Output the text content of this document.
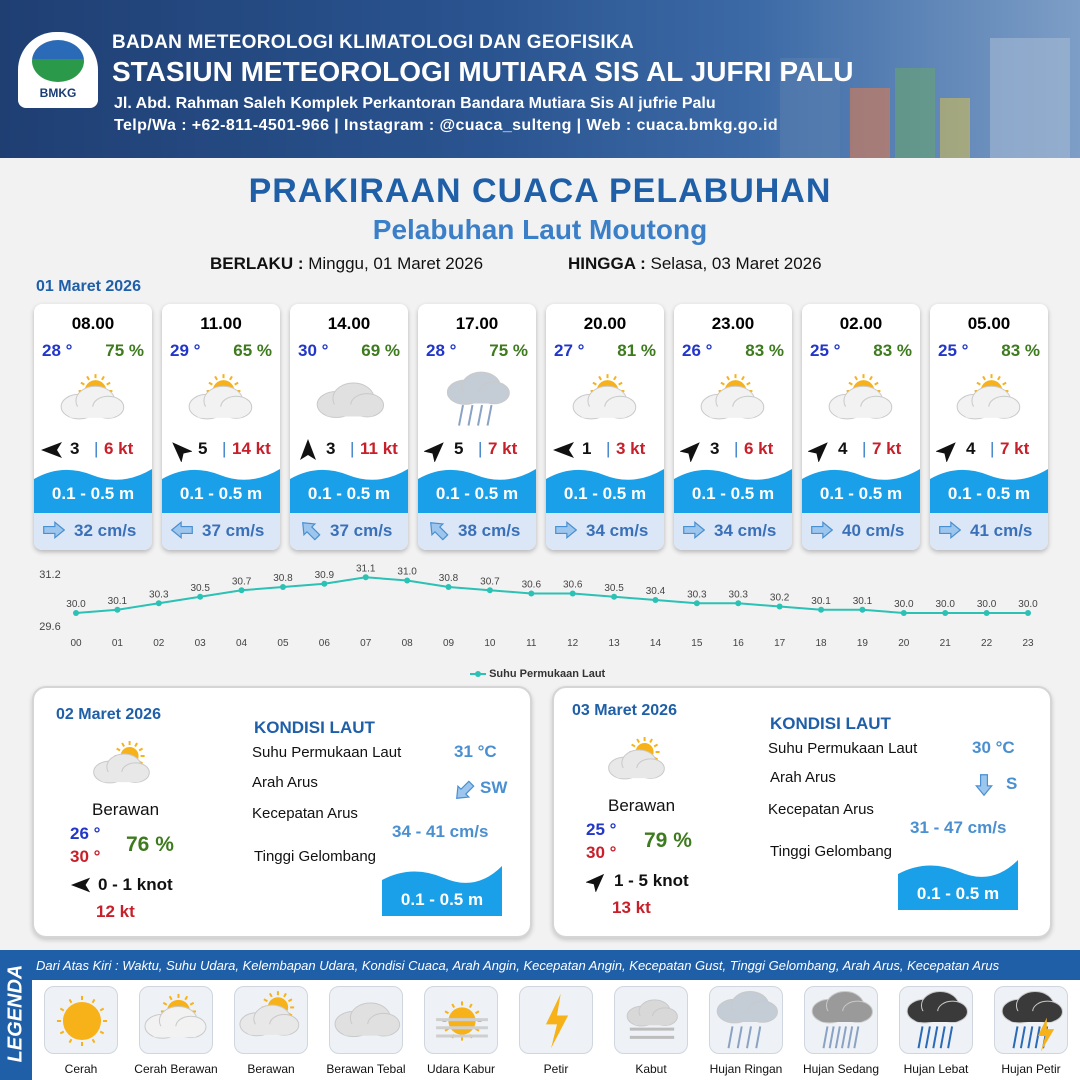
BMKG
BADAN METEOROLOGI KLIMATOLOGI DAN GEOFISIKA
STASIUN METEOROLOGI MUTIARA SIS AL JUFRI PALU
Jl. Abd. Rahman Saleh Komplek Perkantoran Bandara Mutiara Sis Al jufrie Palu
Telp/Wa : +62-811-4501-966 | Instagram : @cuaca_sulteng | Web : cuaca.bmkg.go.id
PRAKIRAAN CUACA PELABUHAN
Pelabuhan Laut Moutong
BERLAKU : Minggu, 01 Maret 2026	HINGGA : Selasa, 03 Maret 2026
01 Maret 2026
08.00
28 ° 75 %
3 | 6 kt
0.1 - 0.5 m
32 cm/s
11.00
29 ° 65 %
5 | 14 kt
0.1 - 0.5 m
37 cm/s
14.00
30 ° 69 %
3 | 11 kt
0.1 - 0.5 m
37 cm/s
17.00
28 ° 75 %
5 | 7 kt
0.1 - 0.5 m
38 cm/s
20.00
27 ° 81 %
1 | 3 kt
0.1 - 0.5 m
34 cm/s
23.00
26 ° 83 %
3 | 6 kt
0.1 - 0.5 m
34 cm/s
02.00
25 ° 83 %
4 | 7 kt
0.1 - 0.5 m
40 cm/s
05.00
25 ° 83 %
4 | 7 kt
0.1 - 0.5 m
41 cm/s
31.2
29.6
30.0
00
30.1
01
30.3
02
30.5
03
30.7
04
30.8
05
30.9
06
31.1
07
31.0
08
30.8
09
30.7
10
30.6
11
30.6
12
30.5
13
30.4
14
30.3
15
30.3
16
30.2
17
30.1
18
30.1
19
30.0
20
30.0
21
30.0
22
30.0
23
Suhu Permukaan Laut
02 Maret 2026
Berawan
26 °
30 °
76 %
0 - 1 knot
12 kt
KONDISI LAUT
Suhu Permukaan Laut
Arah Arus
Kecepatan Arus
Tinggi Gelombang
31 °C
SW
34 - 41 cm/s
0.1 - 0.5 m
03 Maret 2026
Berawan
25 °
30 °
79 %
1 - 5 knot
13 kt
KONDISI LAUT
Suhu Permukaan Laut
Arah Arus
Kecepatan Arus
Tinggi Gelombang
30 °C
S
31 - 47 cm/s
0.1 - 0.5 m
LEGENDA Dari Atas Kiri : Waktu, Suhu Udara, Kelembapan Udara, Kondisi Cuaca, Arah Angin, Kecepatan Angin, Kecepatan Gust, Tinggi Gelombang, Arah Arus, Kecepatan Arus
Cerah	Cerah Berawan	Berawan	Berawan Tebal	Udara Kabur	Petir	Kabut	Hujan Ringan	Hujan Sedang	Hujan Lebat	Hujan Petir
